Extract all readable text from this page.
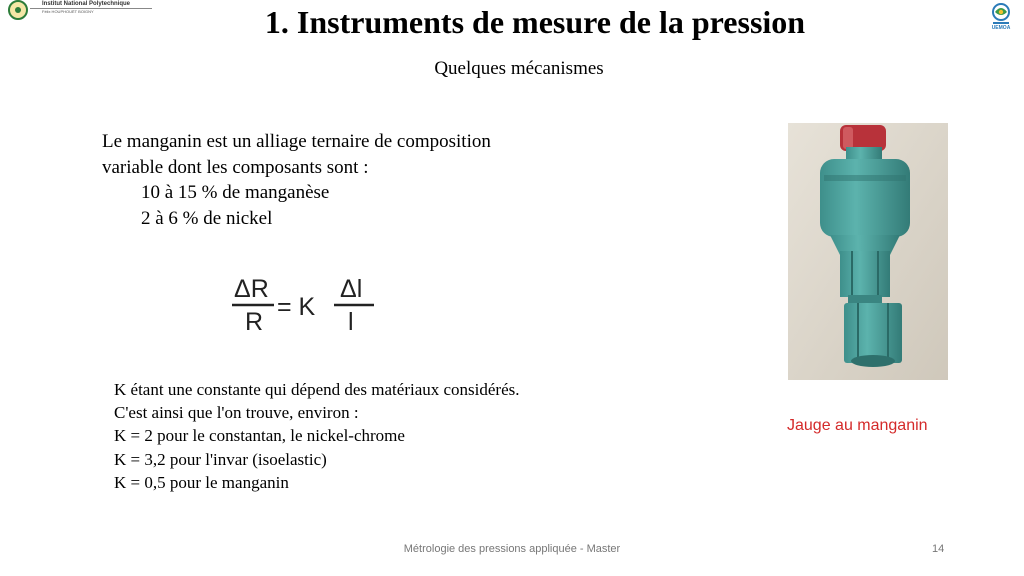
Institut National Polytechnique
Félix HOUPHOUËT BOIGNY
UEMOA
1. Instruments de mesure de la pression
Quelques mécanismes
Le manganin est un alliage ternaire de composition
variable dont les composants sont :
10 à 15 % de manganèse
2 à 6 % de nickel
ΔR
R
= K
Δl
l
K étant une constante qui dépend des matériaux considérés.
C'est ainsi que l'on trouve, environ :
K = 2 pour le constantan, le nickel-chrome
K = 3,2 pour l'invar (isoelastic)
K = 0,5 pour le manganin
Jauge au manganin
Métrologie des pressions appliquée - Master	14
